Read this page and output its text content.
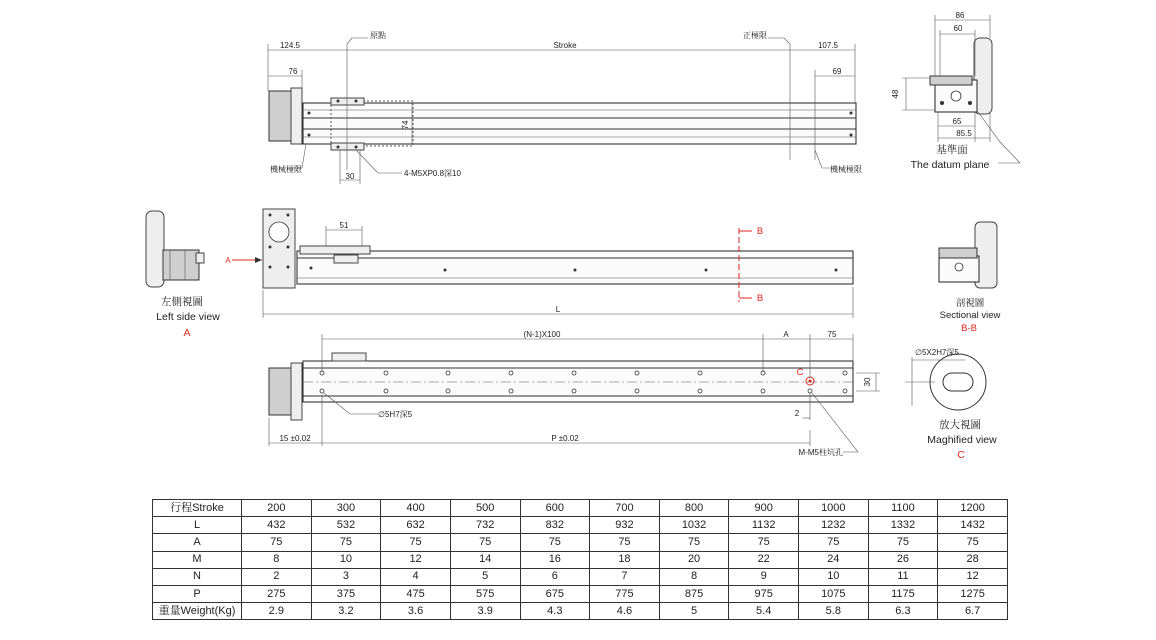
124.5	Stroke	107.5
76	69
74
30
原點	正極限
機械極限	機械極限
4-M5XP0.8深10
86
60
48
65
85.5
基準面
The datum plane
左側視圖
Left side view
A
A
B
B
51
L
剖視圖
Sectional view
B-B
C
(N-1)X100	A	75
30
2
∅5H7深5
15 ±0.02	P ±0.02
M-M5柱坑孔
∅5X2H7深5
放大視圖
Maghified view
C
行程Stroke	200	300	400	500	600	700	800	900	1000	1100	1200
L	432	532	632	732	832	932	1032	1132	1232	1332	1432
A	75	75	75	75	75	75	75	75	75	75	75
M	8	10	12	14	16	18	20	22	24	26	28
N	2	3	4	5	6	7	8	9	10	11	12
P	275	375	475	575	675	775	875	975	1075	1175	1275
重量Weight(Kg)	2.9	3.2	3.6	3.9	4.3	4.6	5	5.4	5.8	6.3	6.7
